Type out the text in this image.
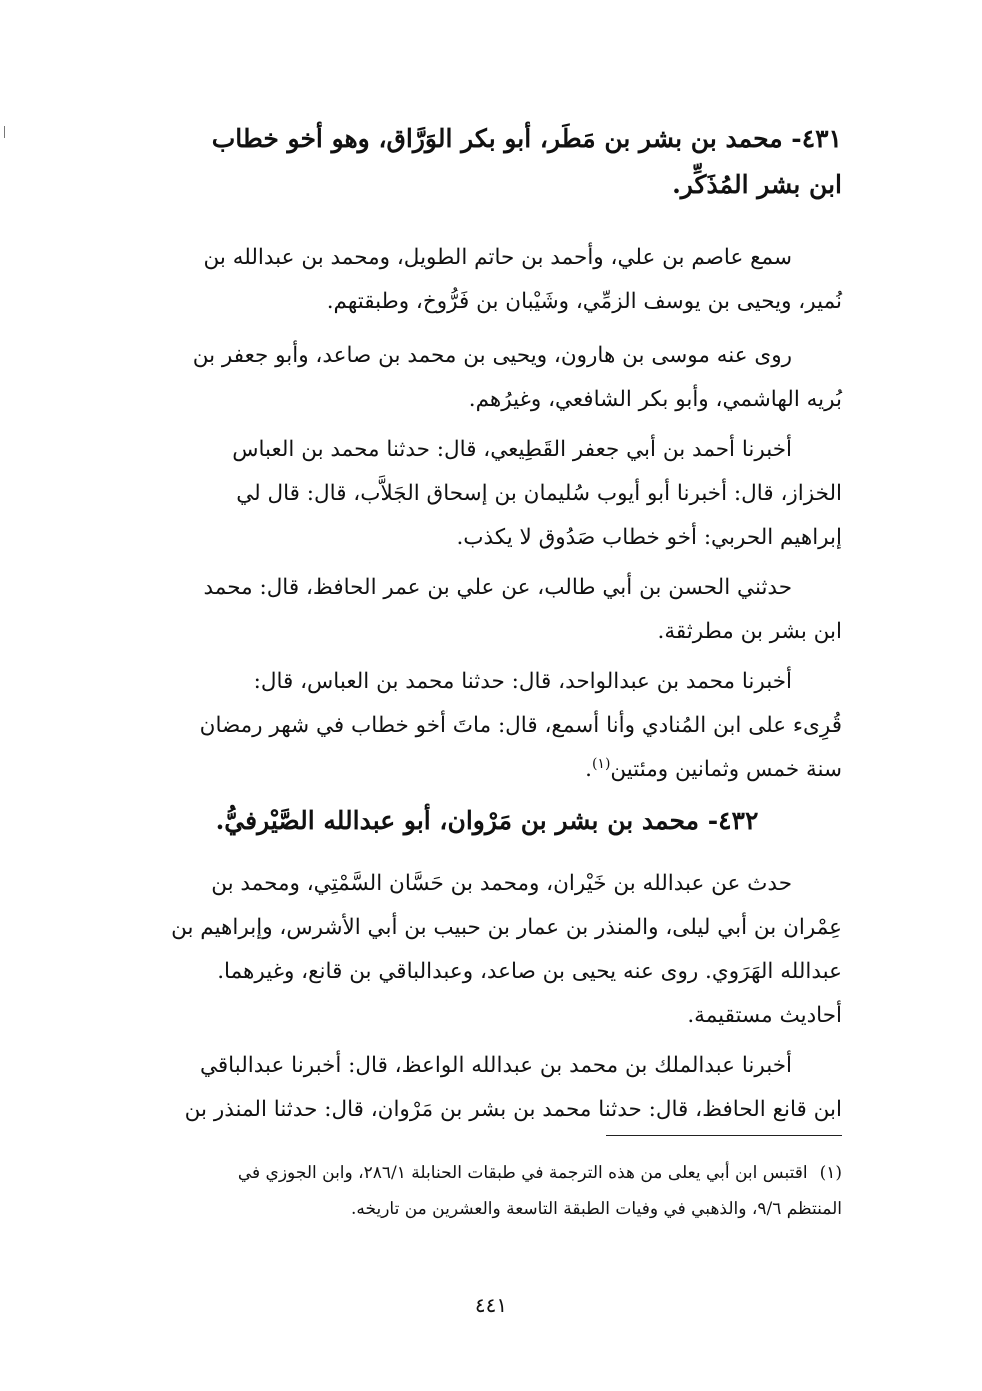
٤٣١- محمد بن بشر بن مَطَر، أبو بكر الوَرَّاق، وهو أخو خطاب
ابن بشر المُذَكِّر.
سمع عاصم بن علي، وأحمد بن حاتم الطويل، ومحمد بن عبدالله بن
نُمير، ويحيى بن يوسف الزمِّي، وشَيْبان بن فَرُّوخ، وطبقتهم.
روى عنه موسى بن هارون، ويحيى بن محمد بن صاعد، وأبو جعفر بن
بُريه الهاشمي، وأبو بكر الشافعي، وغيرُهم.
أخبرنا أحمد بن أبي جعفر القَطِيعي، قال: حدثنا محمد بن العباس
الخزاز، قال: أخبرنا أبو أيوب سُليمان بن إسحاق الجَلاَّب، قال: قال لي
إبراهيم الحربي: أخو خطاب صَدُوق لا يكذب.
حدثني الحسن بن أبي طالب، عن علي بن عمر الحافظ، قال: محمد
ابن بشر بن مطرثقة.
أخبرنا محمد بن عبدالواحد، قال: حدثنا محمد بن العباس، قال:
قُرِىء على ابن المُنادي وأنا أسمع، قال: ماتَ أخو خطاب في شهر رمضان
سنة خمس وثمانين ومئتين$^{(١)}$.
٤٣٢- محمد بن بشر بن مَرْوان، أبو عبدالله الصَّيْرفيُّ.
حدث عن عبدالله بن خَيْران، ومحمد بن حَسَّان السَّمْتِي، ومحمد بن
عِمْران بن أبي ليلى، والمنذر بن عمار بن حبيب بن أبي الأشرس، وإبراهيم بن
عبدالله الهَرَوي. روى عنه يحيى بن صاعد، وعبدالباقي بن قانع، وغيرهما.
أحاديث مستقيمة.
أخبرنا عبدالملك بن محمد بن عبدالله الواعظ، قال: أخبرنا عبدالباقي
ابن قانع الحافظ، قال: حدثنا محمد بن بشر بن مَرْوان، قال: حدثنا المنذر بن
(١)اقتبس ابن أبي يعلى من هذه الترجمة في طبقات الحنابلة ٢٨٦/١، وابن الجوزي في
المنتظم ٩/٦، والذهبي في وفيات الطبقة التاسعة والعشرين من تاريخه.
٤٤١
